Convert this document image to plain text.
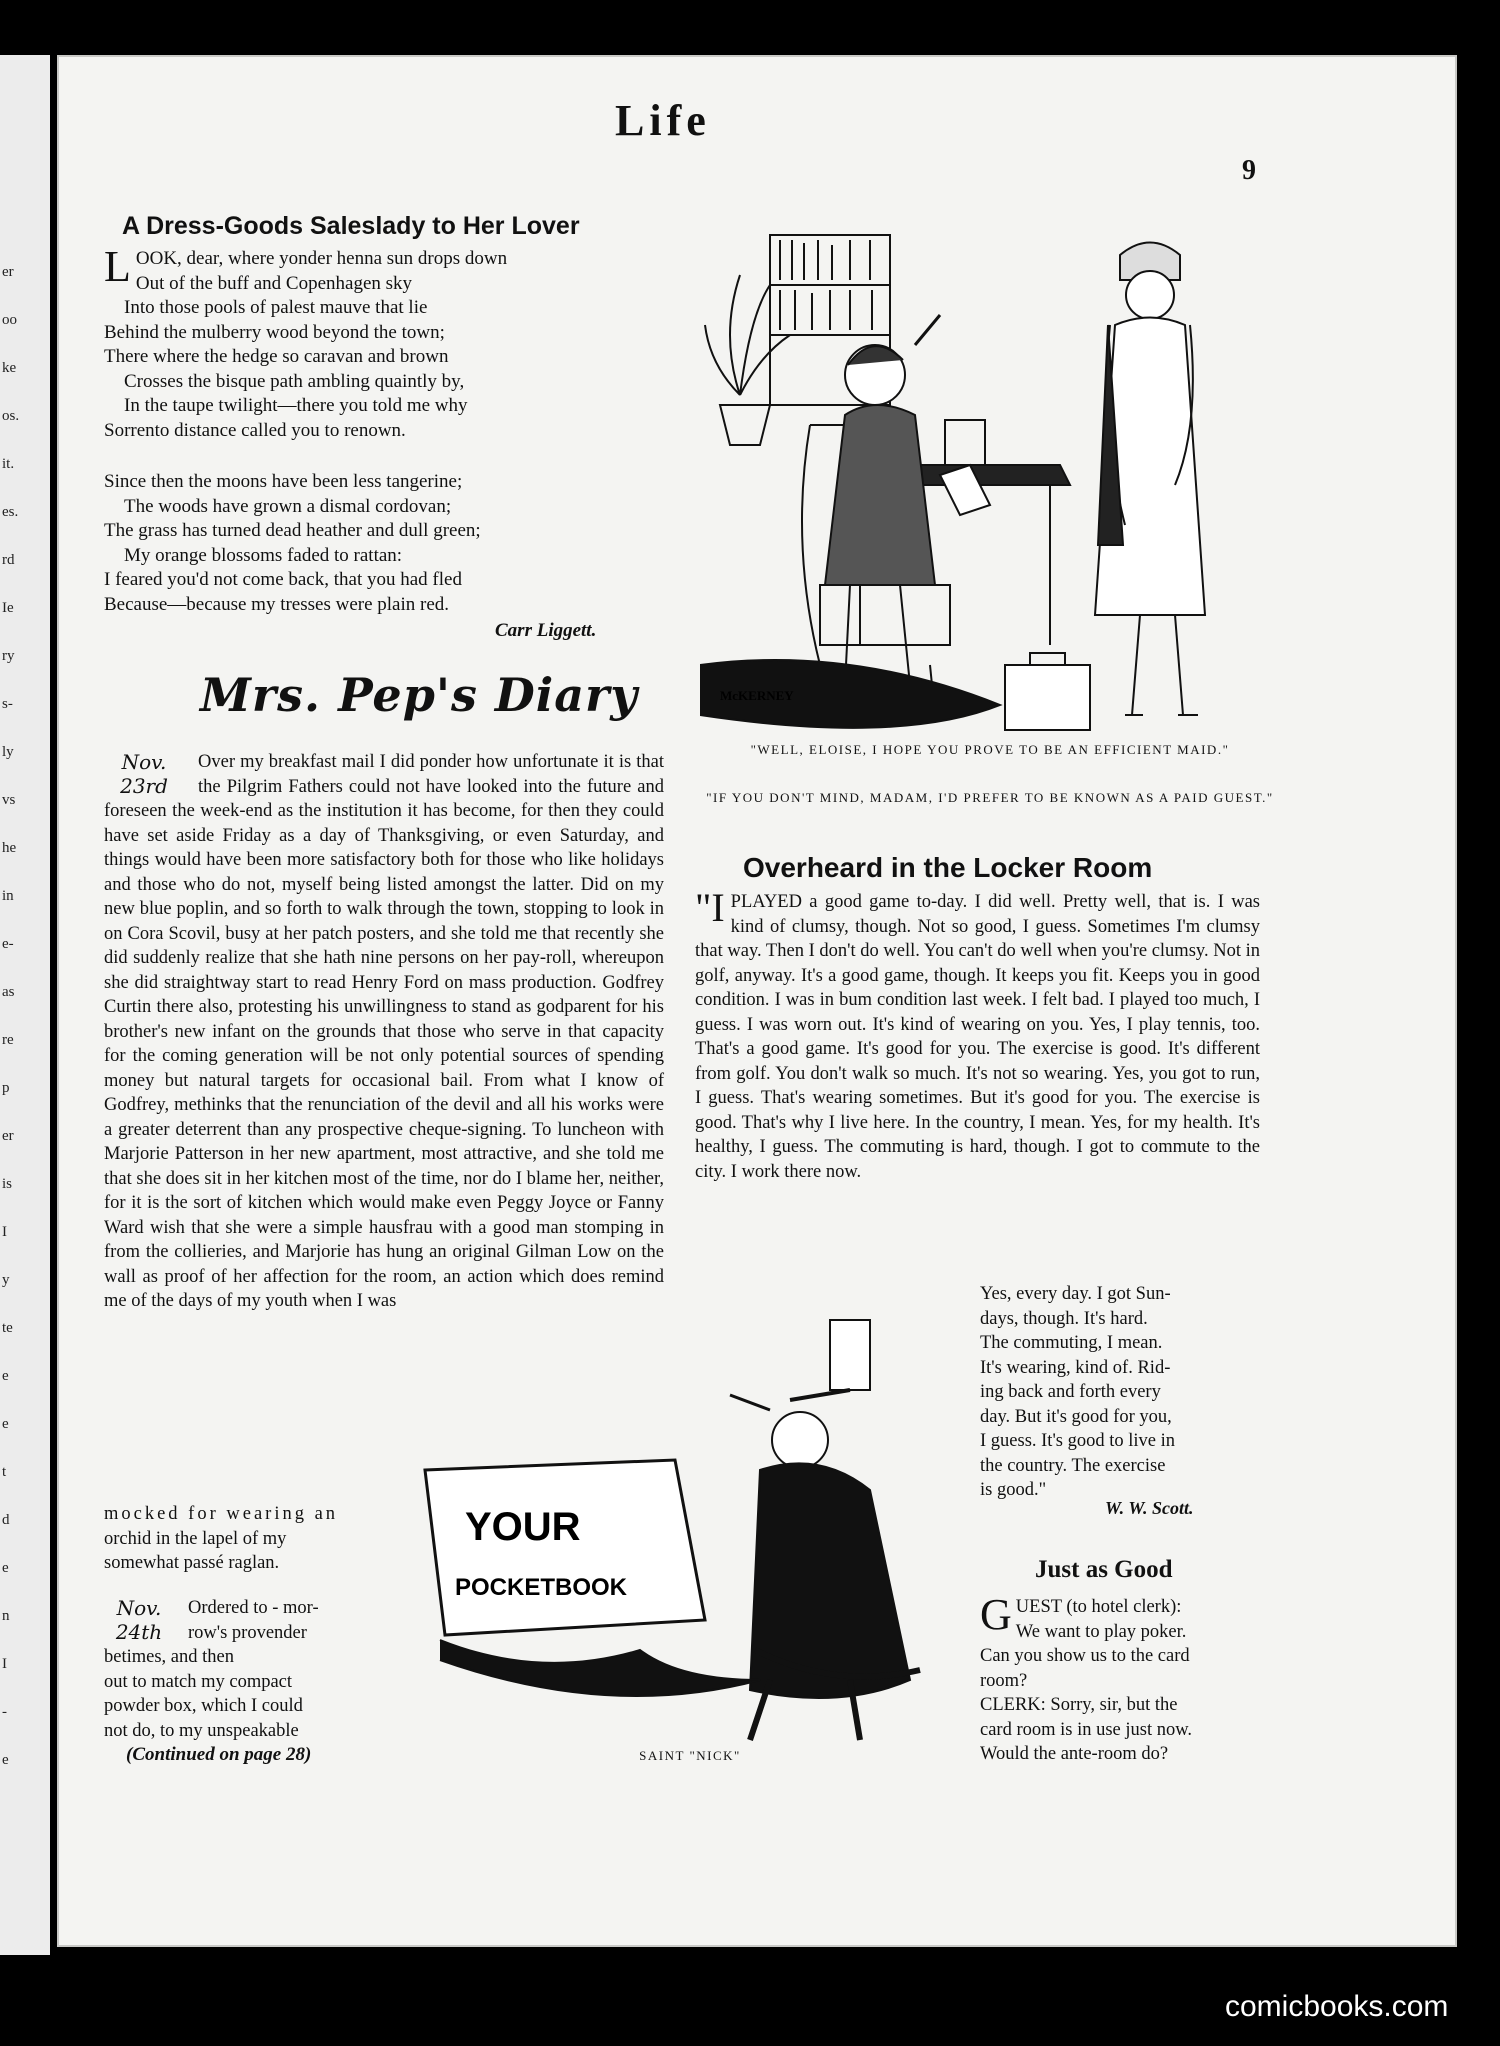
er
oo
ke
os.
it.
es.
rd
Ie
ry
s-
ly
vs
he
in
e-
as
re
p
er
is
I
y
te
e
e
t
d
e
n
I
-
e
Life
9
A Dress-Goods Saleslady to Her Lover
L OOK, dear, where yonder henna sun drops down
Out of the buff and Copenhagen sky
Into those pools of palest mauve that lie
Behind the mulberry wood beyond the town;
There where the hedge so caravan and brown
Crosses the bisque path ambling quaintly by,
In the taupe twilight—there you told me why
Sorrento distance called you to renown.
Since then the moons have been less tangerine;
The woods have grown a dismal cordovan;
The grass has turned dead heather and dull green;
My orange blossoms faded to rattan:
I feared you'd not come back, that you had fled
Because—because my tresses were plain red.
Carr Liggett.
Mrs. Pep's Diary
Nov.
23rd
Over my breakfast mail I did ponder how unfortunate it is that the Pilgrim Fathers could not have looked into the future and foreseen the week-end as the institution it has become, for then they could have set aside Friday as a day of Thanksgiving, or even Saturday, and things would have been more satisfactory both for those who like holidays and those who do not, myself being listed amongst the latter. Did on my new blue poplin, and so forth to walk through the town, stopping to look in on Cora Scovil, busy at her patch posters, and she told me that recently she did suddenly realize that she hath nine persons on her pay-roll, whereupon she did straightway start to read Henry Ford on mass production. Godfrey Curtin there also, protesting his unwillingness to stand as godparent for his brother's new infant on the grounds that those who serve in that capacity for the coming generation will be not only potential sources of spending money but natural targets for occasional bail. From what I know of Godfrey, methinks that the renunciation of the devil and all his works were a greater deterrent than any prospective cheque-signing. To luncheon with Marjorie Patterson in her new apartment, most attractive, and she told me that she does sit in her kitchen most of the time, nor do I blame her, neither, for it is the sort of kitchen which would make even Peggy Joyce or Fanny Ward wish that she were a simple hausfrau with a good man stomping in from the collieries, and Marjorie has hung an original Gilman Low on the wall as proof of her affection for the room, an action which does remind me of the days of my youth when I was
mocked for wearing an
orchid in the lapel of my
somewhat passé raglan.
Nov.
24th
Ordered to - mor-
row's provender
betimes, and then
out to match my compact
powder box, which I could
not do, to my unspeakable
(Continued on page 28)
McKERNEY
"WELL, ELOISE, I HOPE YOU PROVE TO BE AN EFFICIENT MAID."
"IF YOU DON'T MIND, MADAM, I'D PREFER TO BE KNOWN AS A PAID GUEST."
Overheard in the Locker Room
"IPLAYED a good game to-day. I did well. Pretty well, that is. I was kind of clumsy, though. Not so good, I guess. Sometimes I'm clumsy that way. Then I don't do well. You can't do well when you're clumsy. Not in golf, anyway. It's a good game, though. It keeps you fit. Keeps you in good condition. I was in bum condition last week. I felt bad. I played too much, I guess. I was worn out. It's kind of wearing on you. Yes, I play tennis, too. That's a good game. It's good for you. The exercise is good. It's different from golf. You don't walk so much. It's not so wearing. Yes, you got to run, I guess. That's wearing sometimes. But it's good for you. The exercise is good. That's why I live here. In the country, I mean. Yes, for my health. It's healthy, I guess. The commuting is hard, though. I got to commute to the city. I work there now.
Yes, every day. I got Sun-
days, though. It's hard.
The commuting, I mean.
It's wearing, kind of. Rid-
ing back and forth every
day. But it's good for you,
I guess. It's good to live in
the country. The exercise
is good."
W. W. Scott.
YOUR
POCKETBOOK
SAINT "NICK"
Just as Good
G UEST (to hotel clerk):
We want to play poker.
Can you show us to the card
room?
CLERK: Sorry, sir, but the
card room is in use just now.
Would the ante-room do?
comicbooks.com
